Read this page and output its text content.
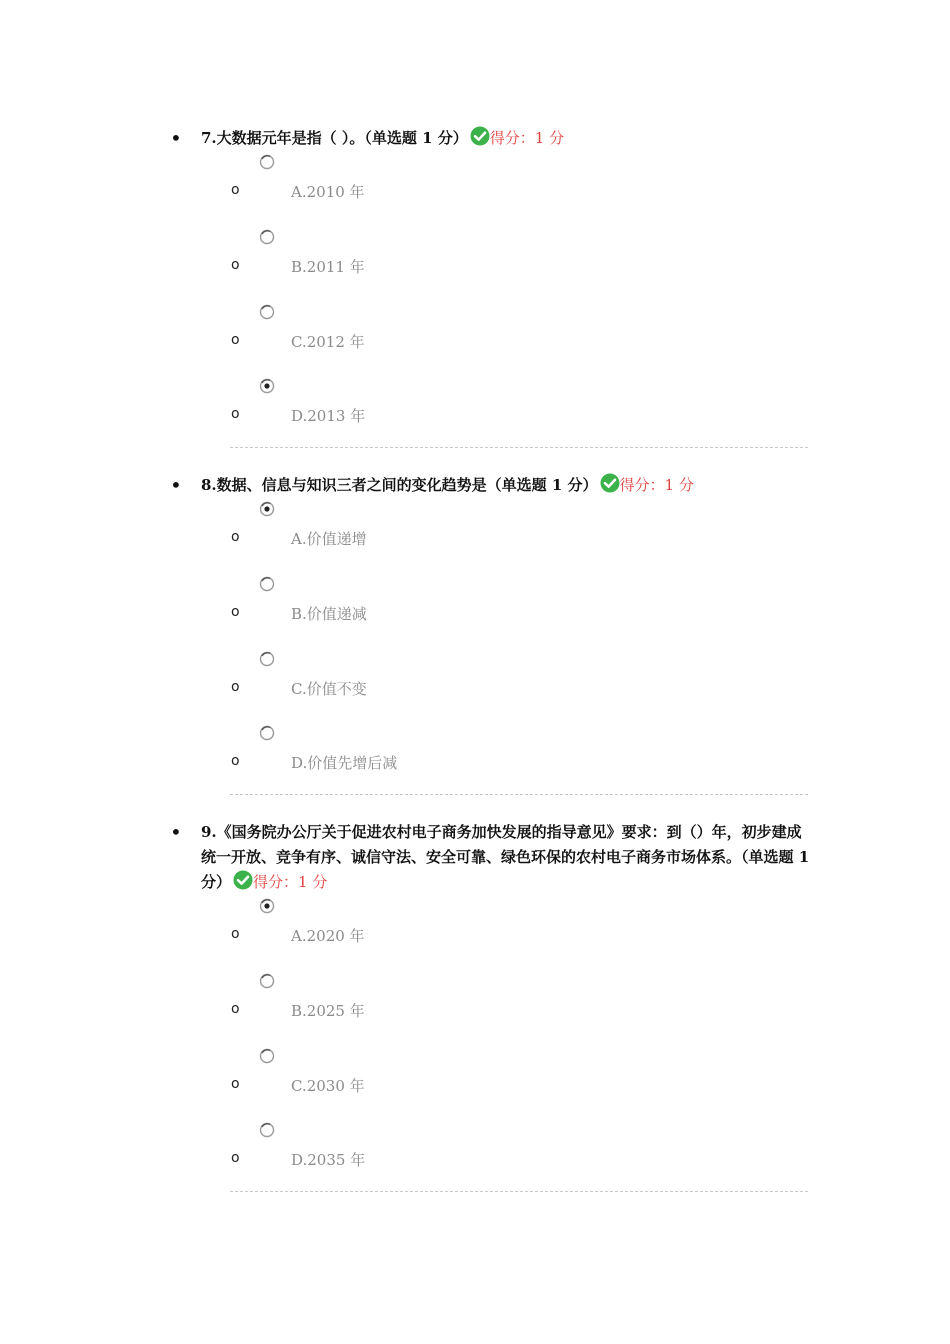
• 7.大数据元年是指（ ）。（单选题 1 分） 得分：1 分
o	A.2010 年
o	B.2011 年
o	C.2012 年
o	D.2013 年
• 8.数据、信息与知识三者之间的变化趋势是（单选题 1 分） 得分：1 分
o	A.价值递增
o	B.价值递减
o	C.价值不变
o	D.价值先增后减
• 9.《国务院办公厅关于促进农村电子商务加快发展的指导意见》要求：到（）年，初步建成统一开放、竞争有序、诚信守法、安全可靠、绿色环保的农村电子商务市场体系。（单选题 1 分） 得分：1 分
o	A.2020 年
o	B.2025 年
o	C.2030 年
o	D.2035 年
